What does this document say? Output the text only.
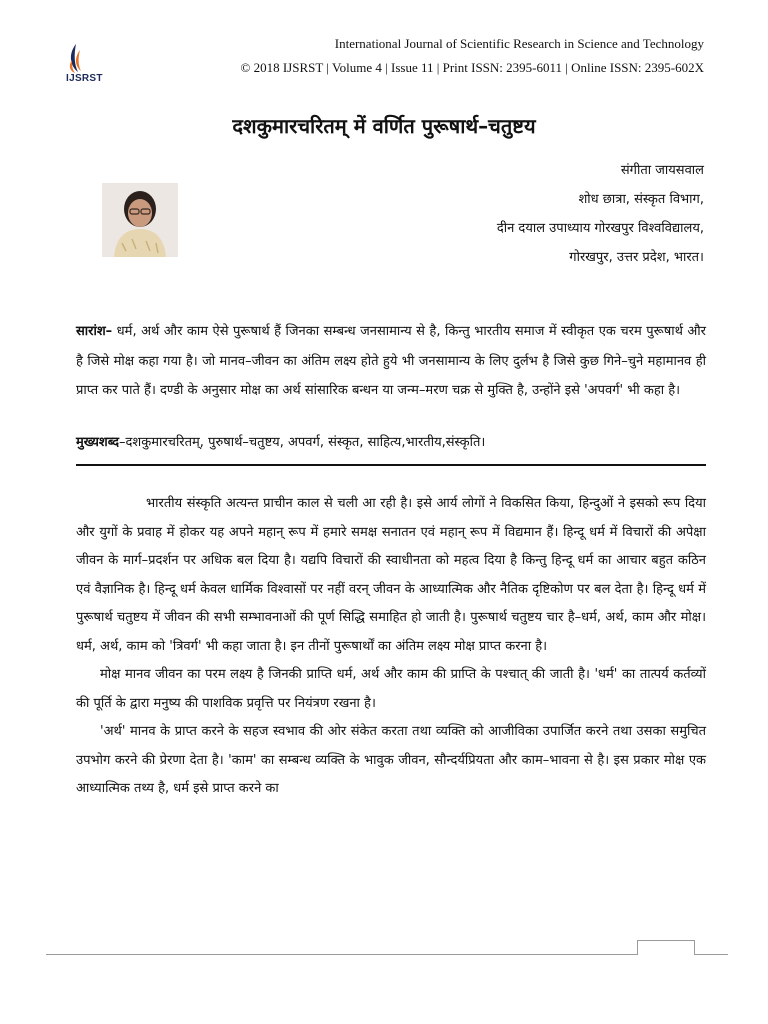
IJSRST
International Journal of Scientific Research in Science and Technology
© 2018 IJSRST | Volume 4 | Issue 11 | Print ISSN: 2395-6011 | Online ISSN: 2395-602X
दशकुमारचरितम् में वर्णित पुरूषार्थ–चतुष्टय
संगीता जायसवाल
शोध छात्रा, संस्कृत विभाग,
दीन दयाल उपाध्याय गोरखपुर विश्वविद्यालय,
गोरखपुर, उत्तर प्रदेश, भारत।
सारांश– धर्म, अर्थ और काम ऐसे पुरूषार्थ हैं जिनका सम्बन्ध जनसामान्य से है, किन्तु भारतीय समाज में स्वीकृत एक चरम पुरूषार्थ और है जिसे मोक्ष कहा गया है। जो मानव–जीवन का अंतिम लक्ष्य होते हुये भी जनसामान्य के लिए दुर्लभ है जिसे कुछ गिने–चुने महामानव ही प्राप्त कर पाते हैं। दण्डी के अनुसार मोक्ष का अर्थ सांसारिक बन्धन या जन्म–मरण चक्र से मुक्ति है, उन्होंने इसे 'अपवर्ग' भी कहा है।
मुख्यशब्द–दशकुमारचरितम्, पुरुषार्थ–चतुष्टय, अपवर्ग, संस्कृत, साहित्य,भारतीय,संस्कृति।

भारतीय संस्कृति अत्यन्त प्राचीन काल से चली आ रही है। इसे आर्य लोगों ने विकसित किया, हिन्दुओं ने इसको रूप दिया और युगों के प्रवाह में होकर यह अपने महान् रूप में हमारे समक्ष सनातन एवं महान् रूप में विद्यमान हैं। हिन्दू धर्म में विचारों की अपेक्षा जीवन के मार्ग–प्रदर्शन पर अधिक बल दिया है। यद्यपि विचारों की स्वाधीनता को महत्व दिया है किन्तु हिन्दू धर्म का आचार बहुत कठिन एवं वैज्ञानिक है। हिन्दू धर्म केवल धार्मिक विश्वासों पर नहीं वरन् जीवन के आध्यात्मिक और नैतिक दृष्टिकोण पर बल देता है। हिन्दू धर्म में पुरूषार्थ चतुष्टय में जीवन की सभी सम्भावनाओं की पूर्ण सिद्धि समाहित हो जाती है। पुरूषार्थ चतुष्टय चार है–धर्म, अर्थ, काम और मोक्ष। धर्म, अर्थ, काम को 'त्रिवर्ग' भी कहा जाता है। इन तीनों पुरूषार्थों का अंतिम लक्ष्य मोक्ष प्राप्त करना है।

मोक्ष मानव जीवन का परम लक्ष्य है जिनकी प्राप्ति धर्म, अर्थ और काम की प्राप्ति के पश्चात् की जाती है। 'धर्म' का तात्पर्य कर्तव्यों की पूर्ति के द्वारा मनुष्य की पाशविक प्रवृत्ति पर नियंत्रण रखना है।

'अर्थ' मानव के प्राप्त करने के सहज स्वभाव की ओर संकेत करता तथा व्यक्ति को आजीविका उपार्जित करने तथा उसका समुचित उपभोग करने की प्रेरणा देता है। 'काम' का सम्बन्ध व्यक्ति के भावुक जीवन, सौन्दर्यप्रियता और काम–भावना से है। इस प्रकार मोक्ष एक आध्यात्मिक तथ्य है, धर्म इसे प्राप्त करने का
